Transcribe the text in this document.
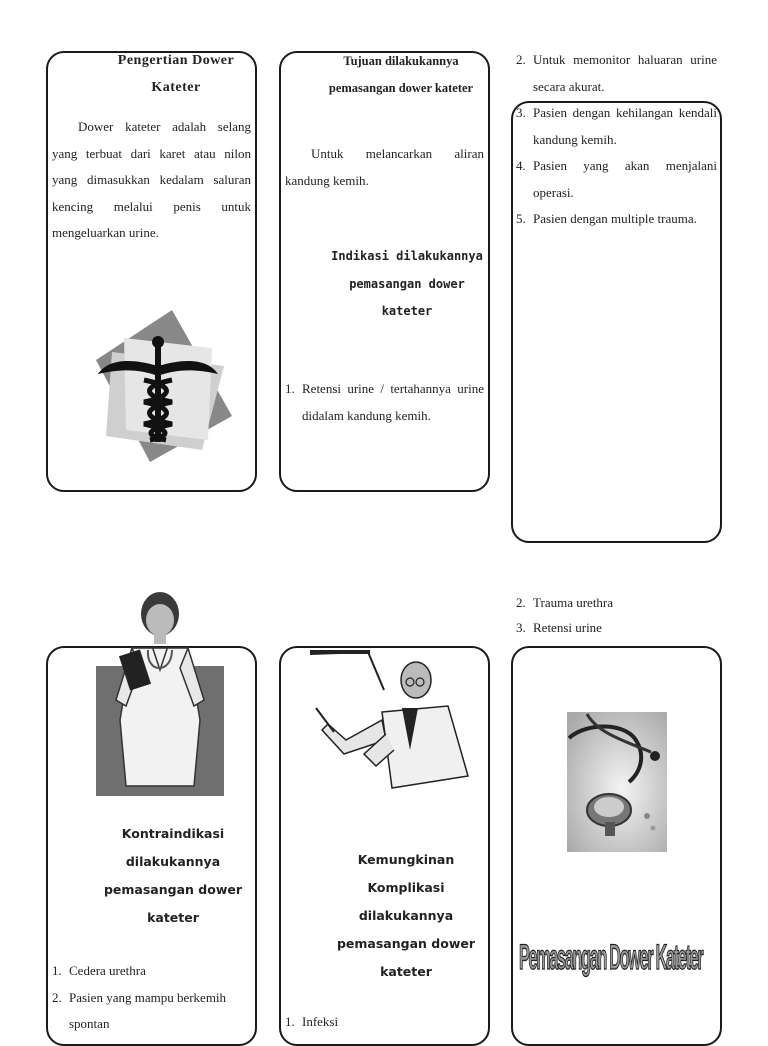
Pengertian Dower Kateter
Dower kateter adalah selang yang terbuat dari karet atau nilon yang dimasukkan kedalam saluran kencing melalui penis untuk mengeluarkan urine.
Tujuan dilakukannya pemasangan dower kateter
Untuk melancarkan aliran kandung kemih.
Indikasi dilakukannya pemasangan dower kateter
1. Retensi urine / tertahannya urine didalam kandung kemih.
2. Untuk memonitor haluaran urine secara akurat.
3. Pasien dengan kehilangan kendali kandung kemih.
4. Pasien yang akan menjalani operasi.
5. Pasien dengan multiple trauma.
Kontraindikasi dilakukannya pemasangan dower kateter
1. Cedera urethra
2. Pasien yang mampu berkemih spontan
Kemungkinan Komplikasi dilakukannya pemasangan dower kateter
1. Infeksi
2. Trauma urethra
3. Retensi urine
Pemasangan Dower Kateter
